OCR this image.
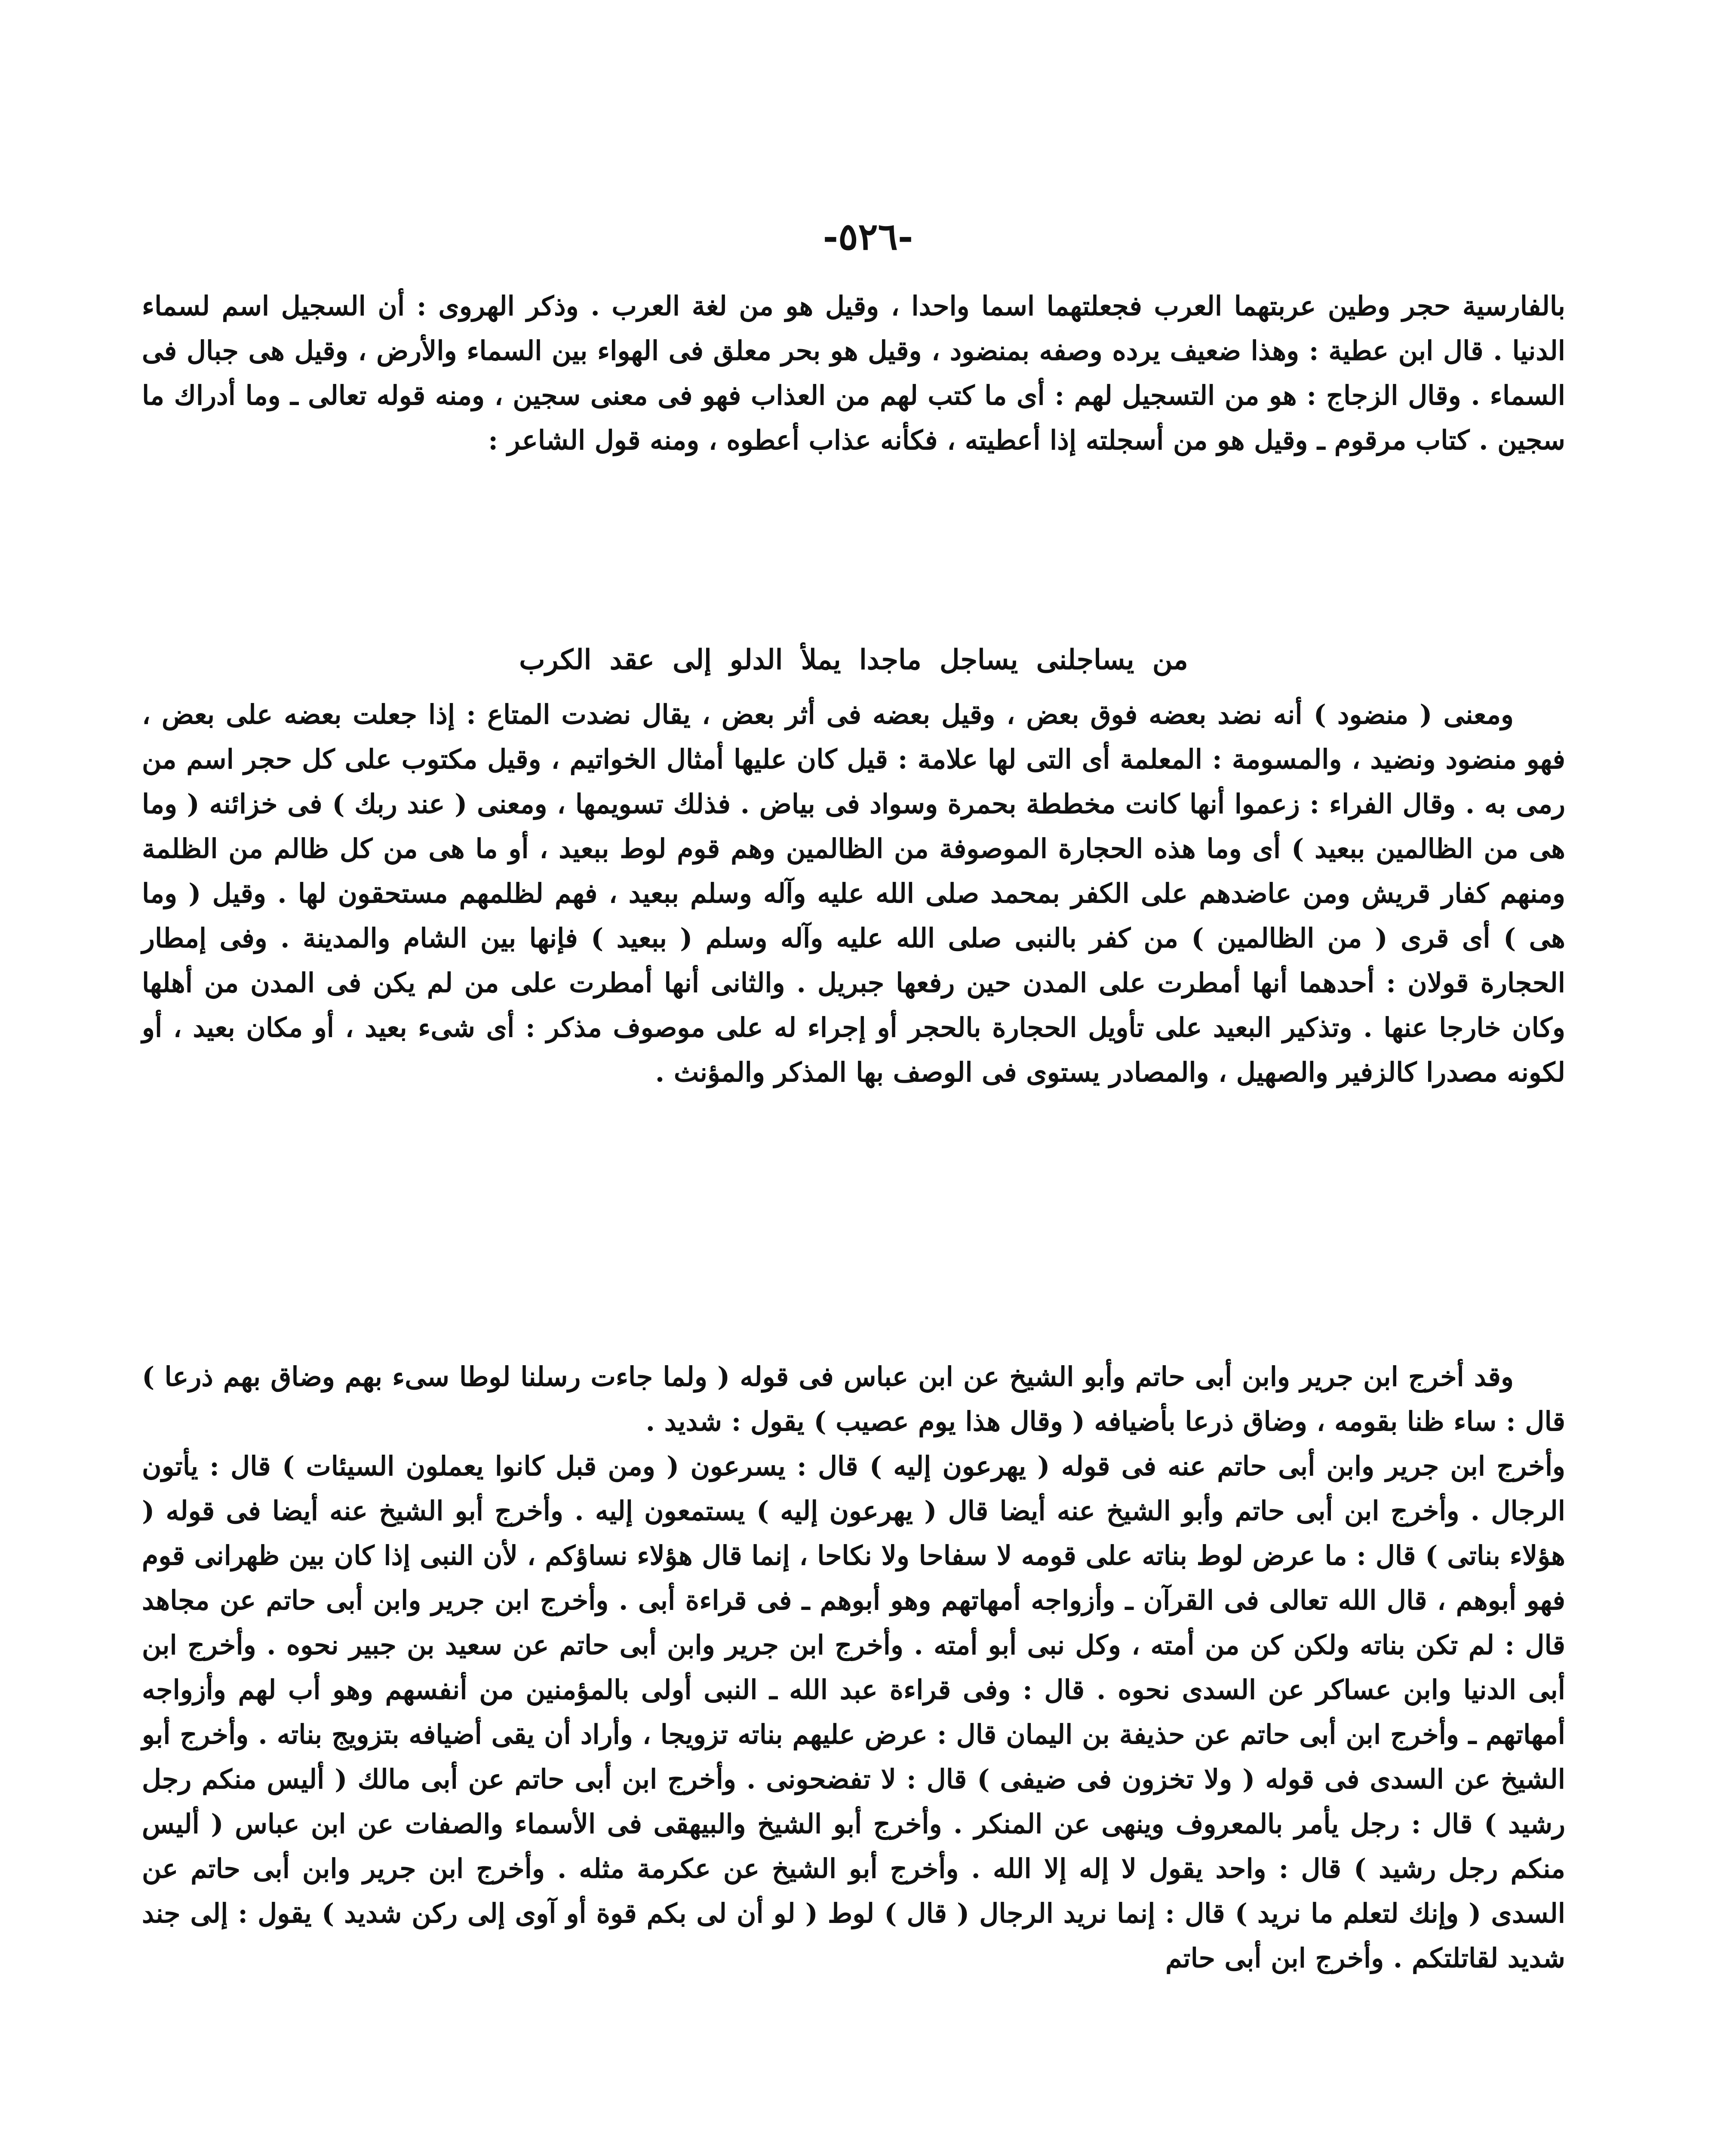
-٥٢٦-

بالفارسية حجر وطين عربتهما العرب فجعلتهما اسما واحدا ، وقيل هو من لغة العرب . وذكر الهروى : أن السجيل اسم لسماء الدنيا . قال ابن عطية : وهذا ضعيف يرده وصفه بمنضود ، وقيل هو بحر معلق فى الهواء بين السماء والأرض ، وقيل هى جبال فى السماء . وقال الزجاج : هو من التسجيل لهم : أى ما كتب لهم من العذاب فهو فى معنى سجين ، ومنه قوله تعالى ـ وما أدراك ما سجين . كتاب مرقوم ـ وقيل هو من أسجلته إذا أعطيته ، فكأنه عذاب أعطوه ، ومنه قول الشاعر :

من يساجلنى يساجل ماجدا يملأ الدلو إلى عقد الكرب

ومعنى ( منضود ) أنه نضد بعضه فوق بعض ، وقيل بعضه فى أثر بعض ، يقال نضدت المتاع : إذا جعلت بعضه على بعض ، فهو منضود ونضيد ، والمسومة : المعلمة أى التى لها علامة : قيل كان عليها أمثال الخواتيم ، وقيل مكتوب على كل حجر اسم من رمى به . وقال الفراء : زعموا أنها كانت مخططة بحمرة وسواد فى بياض . فذلك تسويمها ، ومعنى ( عند ربك ) فى خزائنه ( وما هى من الظالمين ببعيد ) أى وما هذه الحجارة الموصوفة من الظالمين وهم قوم لوط ببعيد ، أو ما هى من كل ظالم من الظلمة ومنهم كفار قريش ومن عاضدهم على الكفر بمحمد صلى الله عليه وآله وسلم ببعيد ، فهم لظلمهم مستحقون لها . وقيل ( وما هى ) أى قرى ( من الظالمين ) من كفر بالنبى صلى الله عليه وآله وسلم ( ببعيد ) فإنها بين الشام والمدينة . وفى إمطار الحجارة قولان : أحدهما أنها أمطرت على المدن حين رفعها جبريل . والثانى أنها أمطرت على من لم يكن فى المدن من أهلها وكان خارجا عنها . وتذكير البعيد على تأويل الحجارة بالحجر أو إجراء له على موصوف مذكر : أى شىء بعيد ، أو مكان بعيد ، أو لكونه مصدرا كالزفير والصهيل ، والمصادر يستوى فى الوصف بها المذكر والمؤنث .

وقد أخرج ابن جرير وابن أبى حاتم وأبو الشيخ عن ابن عباس فى قوله ( ولما جاءت رسلنا لوطا سىء بهم وضاق بهم ذرعا ) قال : ساء ظنا بقومه ، وضاق ذرعا بأضيافه ( وقال هذا يوم عصيب ) يقول : شديد .

وأخرج ابن جرير وابن أبى حاتم عنه فى قوله ( يهرعون إليه ) قال : يسرعون ( ومن قبل كانوا يعملون السيئات ) قال : يأتون الرجال . وأخرج ابن أبى حاتم وأبو الشيخ عنه أيضا قال ( يهرعون إليه ) يستمعون إليه . وأخرج أبو الشيخ عنه أيضا فى قوله ( هؤلاء بناتى ) قال : ما عرض لوط بناته على قومه لا سفاحا ولا نكاحا ، إنما قال هؤلاء نساؤكم ، لأن النبى إذا كان بين ظهرانى قوم فهو أبوهم ، قال الله تعالى فى القرآن ـ وأزواجه أمهاتهم وهو أبوهم ـ فى قراءة أبى . وأخرج ابن جرير وابن أبى حاتم عن مجاهد قال : لم تكن بناته ولكن كن من أمته ، وكل نبى أبو أمته . وأخرج ابن جرير وابن أبى حاتم عن سعيد بن جبير نحوه . وأخرج ابن أبى الدنيا وابن عساكر عن السدى نحوه . قال : وفى قراءة عبد الله ـ النبى أولى بالمؤمنين من أنفسهم وهو أب لهم وأزواجه أمهاتهم ـ وأخرج ابن أبى حاتم عن حذيفة بن اليمان قال : عرض عليهم بناته تزويجا ، وأراد أن يقى أضيافه بتزويج بناته . وأخرج أبو الشيخ عن السدى فى قوله ( ولا تخزون فى ضيفى ) قال : لا تفضحونى . وأخرج ابن أبى حاتم عن أبى مالك ( أليس منكم رجل رشيد ) قال : رجل يأمر بالمعروف وينهى عن المنكر . وأخرج أبو الشيخ والبيهقى فى الأسماء والصفات عن ابن عباس ( أليس منكم رجل رشيد ) قال : واحد يقول لا إله إلا الله . وأخرج أبو الشيخ عن عكرمة مثله . وأخرج ابن جرير وابن أبى حاتم عن السدى ( وإنك لتعلم ما نريد ) قال : إنما نريد الرجال ( قال ) لوط ( لو أن لى بكم قوة أو آوى إلى ركن شديد ) يقول : إلى جند شديد لقاتلتكم . وأخرج ابن أبى حاتم
